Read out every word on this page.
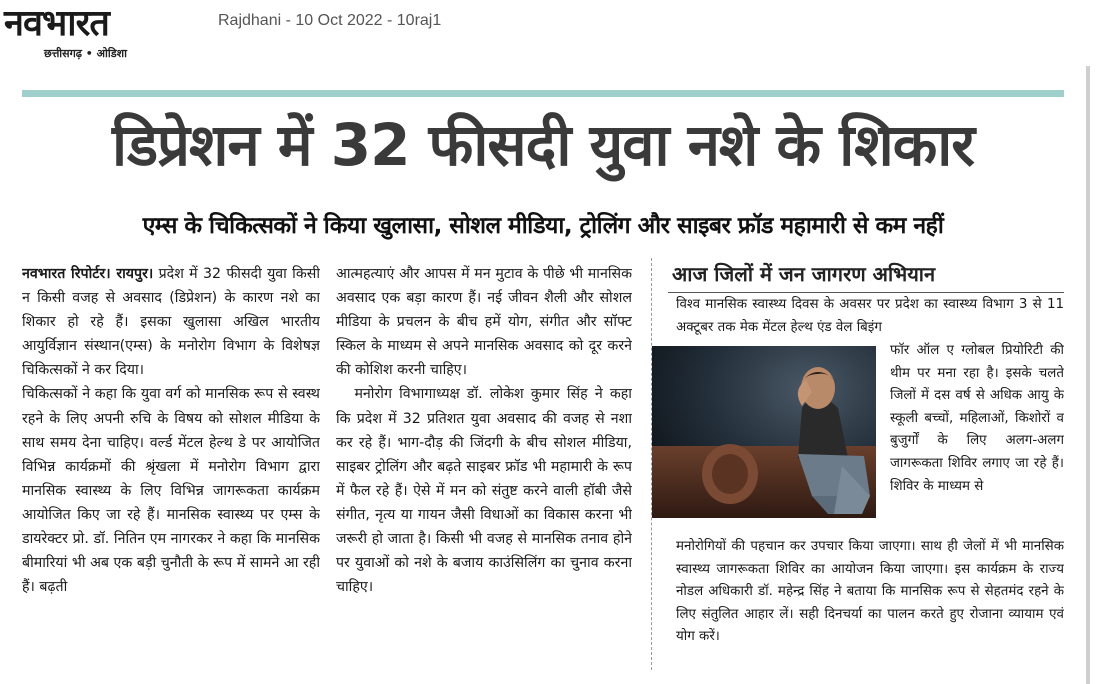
नवभारत
छत्तीसगढ़ • ओडिशा
Rajdhani - 10 Oct 2022 - 10raj1
डिप्रेशन में 32 फीसदी युवा नशे के शिकार
एम्स के चिकित्सकों ने किया खुलासा, सोशल मीडिया, ट्रोलिंग और साइबर फ्रॉड महामारी से कम नहीं

नवभारत रिपोर्टर। रायपुर। प्रदेश में 32 फीसदी युवा किसी न किसी वजह से अवसाद (डिप्रेशन) के कारण नशे का शिकार हो रहे हैं। इसका खुलासा अखिल भारतीय आयुर्विज्ञान संस्थान(एम्स) के मनोरोग विभाग के विशेषज्ञ चिकित्सकों ने कर दिया।

चिकित्सकों ने कहा कि युवा वर्ग को मानसिक रूप से स्वस्थ रहने के लिए अपनी रुचि के विषय को सोशल मीडिया के साथ समय देना चाहिए। वर्ल्ड मेंटल हेल्थ डे पर आयोजित विभिन्न कार्यक्रमों की श्रृंखला में मनोरोग विभाग द्वारा मानसिक स्वास्थ्य के लिए विभिन्न जागरूकता कार्यक्रम आयोजित किए जा रहे हैं। मानसिक स्वास्थ्य पर एम्स के डायरेक्टर प्रो. डॉ. नितिन एम नागरकर ने कहा कि मानसिक बीमारियां भी अब एक बड़ी चुनौती के रूप में सामने आ रही हैं। बढ़ती

आत्महत्याएं और आपस में मन मुटाव के पीछे भी मानसिक अवसाद एक बड़ा कारण हैं। नई जीवन शैली और सोशल मीडिया के प्रचलन के बीच हमें योग, संगीत और सॉफ्ट स्किल के माध्यम से अपने मानसिक अवसाद को दूर करने की कोशिश करनी चाहिए।

मनोरोग विभागाध्यक्ष डॉ. लोकेश कुमार सिंह ने कहा कि प्रदेश में 32 प्रतिशत युवा अवसाद की वजह से नशा कर रहे हैं। भाग-दौड़ की जिंदगी के बीच सोशल मीडिया, साइबर ट्रोलिंग और बढ़ते साइबर फ्रॉड भी महामारी के रूप में फैल रहे हैं। ऐसे में मन को संतुष्ट करने वाली हॉबी जैसे संगीत, नृत्य या गायन जैसी विधाओं का विकास करना भी जरूरी हो जाता है। किसी भी वजह से मानसिक तनाव होने पर युवाओं को नशे के बजाय काउंसिलिंग का चुनाव करना चाहिए।

आज जिलों में जन जागरण अभियान
विश्व मानसिक स्वास्थ्य दिवस के अवसर पर प्रदेश का स्वास्थ्य विभाग 3 से 11 अक्टूबर तक मेक मेंटल हेल्थ एंड वेल बिइंग
फॉर ऑल ए ग्लोबल प्रियोरिटी की थीम पर मना रहा है। इसके चलते जिलों में दस वर्ष से अधिक आयु के स्कूली बच्चों, महिलाओं, किशोरों व बुजुर्गों के लिए अलग-अलग जागरूकता शिविर लगाए जा रहे हैं। शिविर के माध्यम से
मनोरोगियों की पहचान कर उपचार किया जाएगा। साथ ही जेलों में भी मानसिक स्वास्थ्य जागरूकता शिविर का आयोजन किया जाएगा। इस कार्यक्रम के राज्य नोडल अधिकारी डॉ. महेन्द्र सिंह ने बताया कि मानसिक रूप से सेहतमंद रहने के लिए संतुलित आहार लें। सही दिनचर्या का पालन करते हुए रोजाना व्यायाम एवं योग करें।
